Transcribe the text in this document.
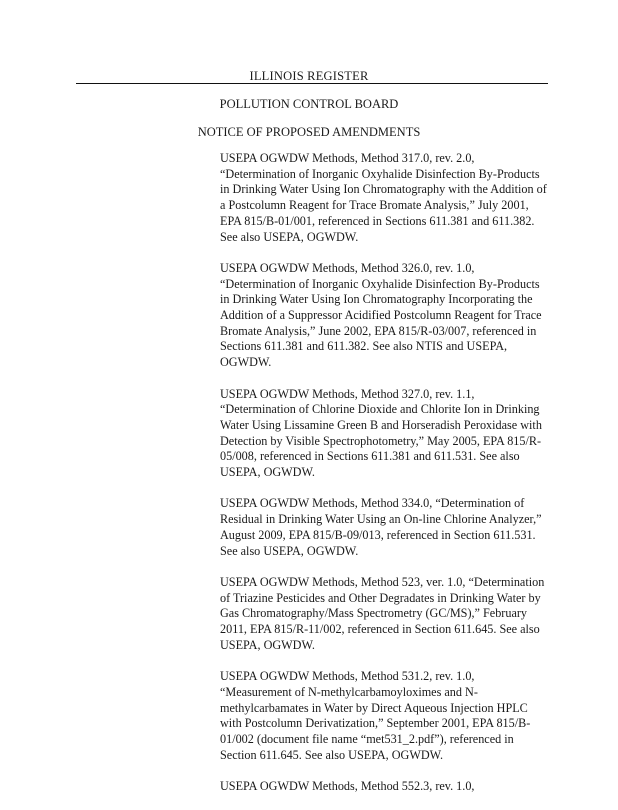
ILLINOIS REGISTER
POLLUTION CONTROL BOARD
NOTICE OF PROPOSED AMENDMENTS
USEPA OGWDW Methods, Method 317.0, rev. 2.0,
“Determination of Inorganic Oxyhalide Disinfection By-Products
in Drinking Water Using Ion Chromatography with the Addition of
a Postcolumn Reagent for Trace Bromate Analysis,” July 2001,
EPA 815/B-01/001, referenced in Sections 611.381 and 611.382.
See also USEPA, OGWDW.
USEPA OGWDW Methods, Method 326.0, rev. 1.0,
“Determination of Inorganic Oxyhalide Disinfection By-Products
in Drinking Water Using Ion Chromatography Incorporating the
Addition of a Suppressor Acidified Postcolumn Reagent for Trace
Bromate Analysis,” June 2002, EPA 815/R-03/007, referenced in
Sections 611.381 and 611.382. See also NTIS and USEPA,
OGWDW.
USEPA OGWDW Methods, Method 327.0, rev. 1.1,
“Determination of Chlorine Dioxide and Chlorite Ion in Drinking
Water Using Lissamine Green B and Horseradish Peroxidase with
Detection by Visible Spectrophotometry,” May 2005, EPA 815/R-
05/008, referenced in Sections 611.381 and 611.531. See also
USEPA, OGWDW.
USEPA OGWDW Methods, Method 334.0, “Determination of
Residual in Drinking Water Using an On-line Chlorine Analyzer,”
August 2009, EPA 815/B-09/013, referenced in Section 611.531.
See also USEPA, OGWDW.
USEPA OGWDW Methods, Method 523, ver. 1.0, “Determination
of Triazine Pesticides and Other Degradates in Drinking Water by
Gas Chromatography/Mass Spectrometry (GC/MS),” February
2011, EPA 815/R-11/002, referenced in Section 611.645. See also
USEPA, OGWDW.
USEPA OGWDW Methods, Method 531.2, rev. 1.0,
“Measurement of N-methylcarbamoyloximes and N-
methylcarbamates in Water by Direct Aqueous Injection HPLC
with Postcolumn Derivatization,” September 2001, EPA 815/B-
01/002 (document file name “met531_2.pdf”), referenced in
Section 611.645. See also USEPA, OGWDW.
USEPA OGWDW Methods, Method 552.3, rev. 1.0,
